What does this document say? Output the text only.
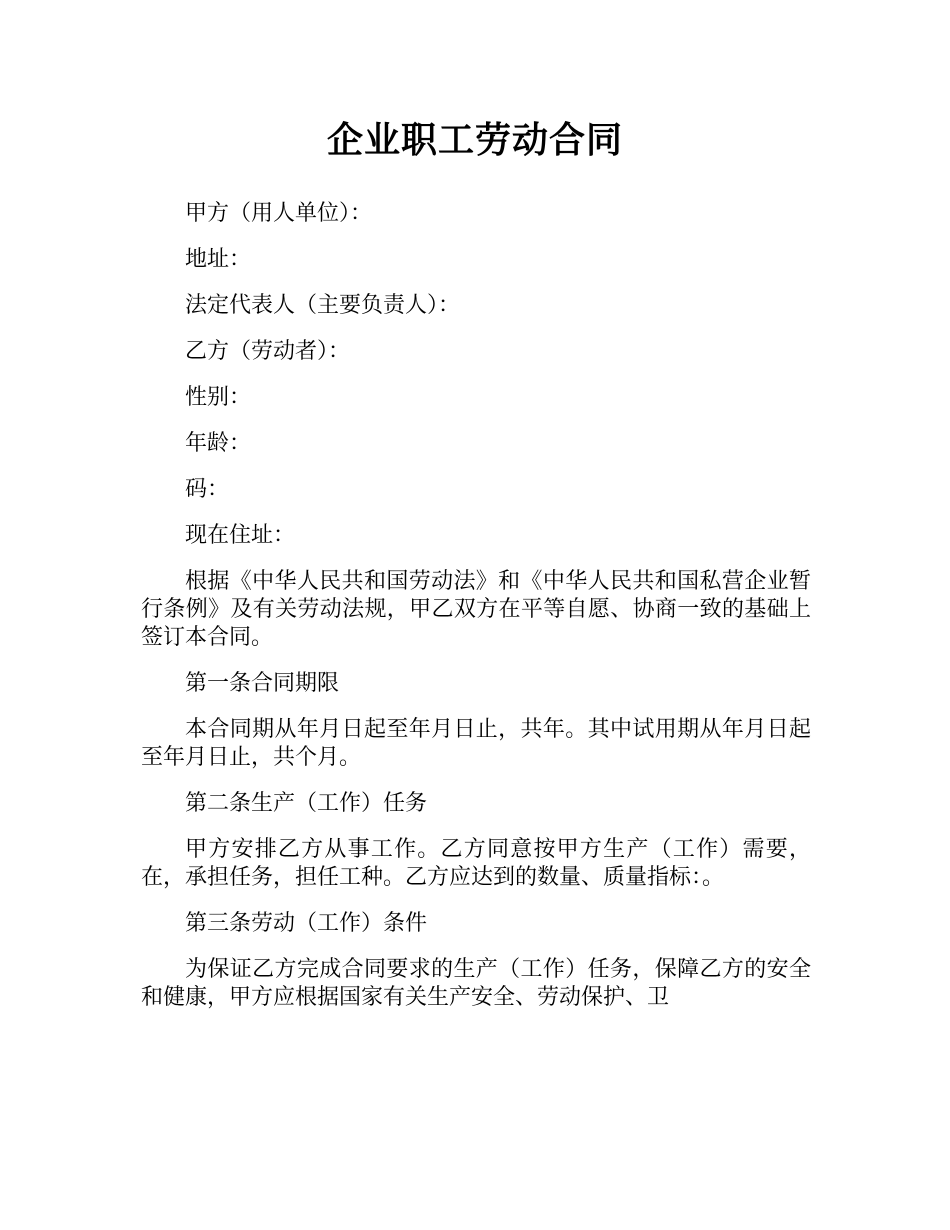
企业职工劳动合同

甲方（用人单位）：

地址：

法定代表人（主要负责人）：

乙方（劳动者）：

性别：

年龄：

码：

现在住址：

根据《中华人民共和国劳动法》和《中华人民共和国私营企业暂行条例》及有关劳动法规，甲乙双方在平等自愿、协商一致的基础上签订本合同。

第一条合同期限

本合同期从年月日起至年月日止，共年。其中试用期从年月日起至年月日止，共个月。

第二条生产（工作）任务

甲方安排乙方从事工作。乙方同意按甲方生产（工作）需要，在，承担任务，担任工种。乙方应达到的数量、质量指标：。

第三条劳动（工作）条件

为保证乙方完成合同要求的生产（工作）任务，保障乙方的安全和健康，甲方应根据国家有关生产安全、劳动保护、卫
